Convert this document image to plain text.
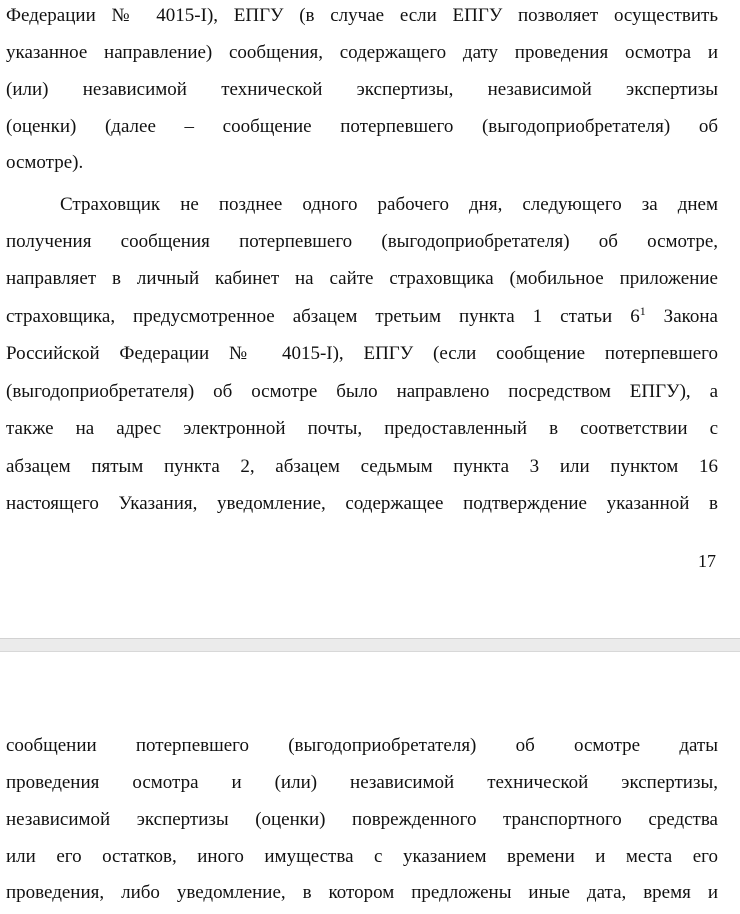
Федерации № 4015-I), ЕПГУ (в случае если ЕПГУ позволяет осуществить
указанное направление) сообщения, содержащего дату проведения осмотра и
(или) независимой технической экспертизы, независимой экспертизы
(оценки) (далее – сообщение потерпевшего (выгодоприобретателя) об
осмотре).
Страховщик не позднее одного рабочего дня, следующего за днем
получения сообщения потерпевшего (выгодоприобретателя) об осмотре,
направляет в личный кабинет на сайте страховщика (мобильное приложение
страховщика, предусмотренное абзацем третьим пункта 1 статьи $6^1$ Закона
Российской Федерации № 4015-I), ЕПГУ (если сообщение потерпевшего
(выгодоприобретателя) об осмотре было направлено посредством ЕПГУ), а
также на адрес электронной почты, предоставленный в соответствии с
абзацем пятым пункта 2, абзацем седьмым пункта 3 или пунктом 16
настоящего Указания, уведомление, содержащее подтверждение указанной в
17
сообщении потерпевшего (выгодоприобретателя) об осмотре даты
проведения осмотра и (или) независимой технической экспертизы,
независимой экспертизы (оценки) поврежденного транспортного средства
или его остатков, иного имущества с указанием времени и места его
проведения, либо уведомление, в котором предложены иные дата, время и
